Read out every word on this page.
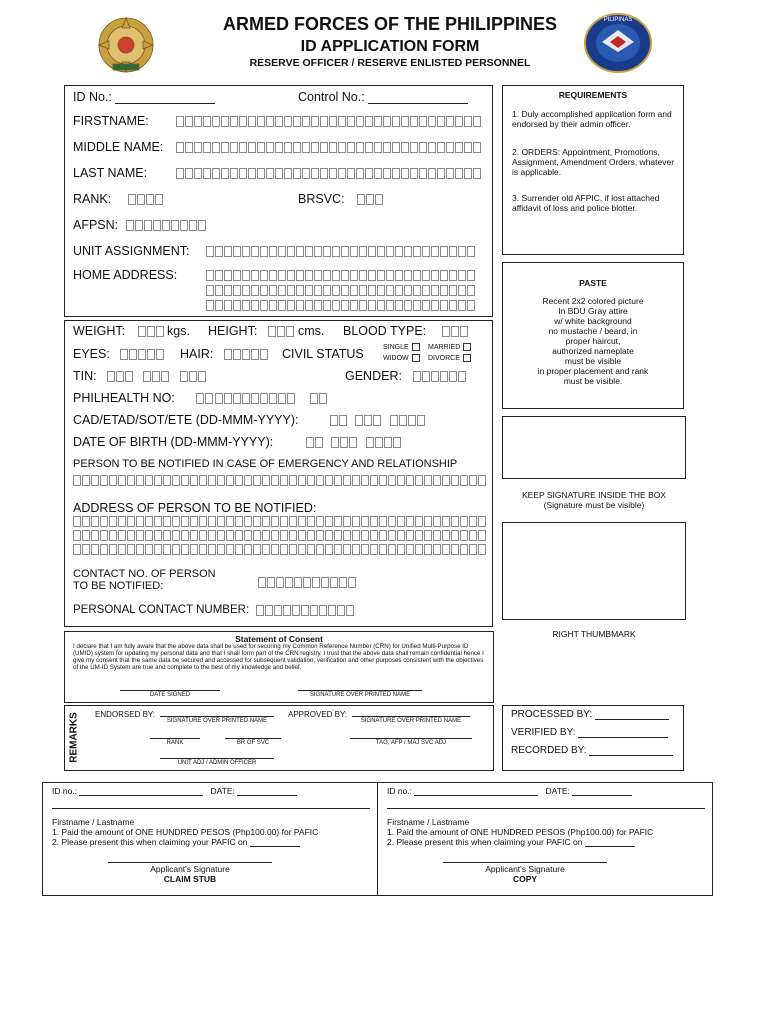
PILIPINAS
ARMED FORCES OF THE PHILIPPINES
ID APPLICATION FORM
RESERVE OFFICER / RESERVE ENLISTED PERSONNEL
ID No.:	Control No.:
FIRSTNAME:
MIDDLE NAME:
LAST NAME:
RANK:	BRSVC:
AFPSN:
UNIT ASSIGNMENT:
HOME ADDRESS:
WEIGHT:	kgs. HEIGHT:	cms. BLOOD TYPE:
EYES:	HAIR:	CIVIL STATUS	SINGLE	MARRIED
WIDOW	DIVORCE
TIN:	GENDER:
PHILHEALTH NO:
CAD/ETAD/SOT/ETE (DD-MMM-YYYY):
DATE OF BIRTH (DD-MMM-YYYY):
PERSON TO BE NOTIFIED IN CASE OF EMERGENCY AND RELATIONSHIP
ADDRESS OF PERSON TO BE NOTIFIED:
CONTACT NO. OF PERSON
TO BE NOTIFIED:
PERSONAL CONTACT NUMBER:
REQUIREMENTS
1. Duly accomplished application form and endorsed by their admin officer.
2. ORDERS: Appointment, Promotions, Assignment, Amendment Orders, whatever is applicable.
3. Surrender old AFPIC, if lost attached affidavit of loss and police blotter.
PASTE
Recent 2x2 colored picture
In BDU Gray attire
w/ white background
no mustache / beard, in
proper haircut,
authorized nameplate
must be visible
in proper placement and rank
must be visible.
KEEP SIGNATURE INSIDE THE BOX
(Signature must be visible)
RIGHT THUMBMARK
Statement of Consent
I declare that I am fully aware that the above data shall be used for securing my Common Reference Number (CRN) for Unified Multi-Purpose ID (UMID) system for updating my personal data and that I shall form part of the CRN registry. I trust that the above data shall remain confidential hence I give my consent that the same data be secured and accessed for subsequent validation, verification and other purposes consistent with the objectives of the UM-ID System are true and complete to the best of my knowledge and belief.
DATE SIGNED	SIGNATURE OVER PRINTED NAME
REMARKS ENDORSED BY:
SIGNATURE OVER PRINTED NAME
APPROVED BY:
SIGNATURE OVER PRINTED NAME
RANK	BR OF SVC	TAG, AFP / MAJ SVC ADJ
UNIT ADJ / ADMIN OFFICER
PROCESSED BY:
VERIFIED BY:
RECORDED BY:
ID no.:	DATE:
Firstname / Lastname
1. Paid the amount of ONE HUNDRED PESOS (Php100.00) for PAFIC
2. Please present this when claiming your PAFIC on
Applicant's Signature
CLAIM STUB
ID no.:	DATE:
Firstname / Lastname
1. Paid the amount of ONE HUNDRED PESOS (Php100.00) for PAFIC
2. Please present this when claiming your PAFIC on
Applicant's Signature
COPY
